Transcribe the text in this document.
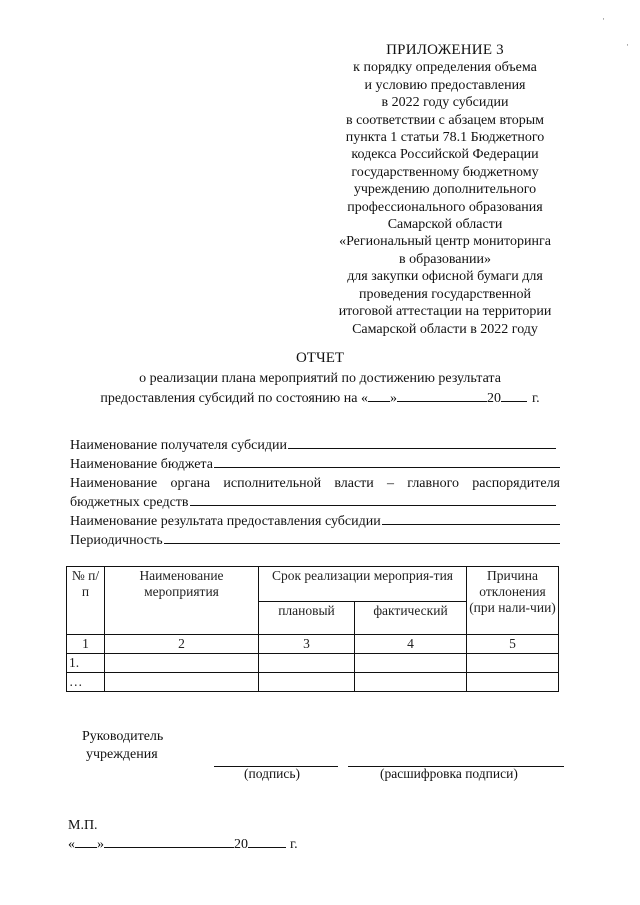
ПРИЛОЖЕНИЕ 3
к порядку определения объема
и условию предоставления
в 2022 году субсидии
в соответствии с абзацем вторым
пункта 1 статьи 78.1 Бюджетного
кодекса Российской Федерации
государственному бюджетному
учреждению дополнительного
профессионального образования
Самарской области
«Региональный центр мониторинга
в образовании»
для закупки офисной бумаги для
проведения государственной
итоговой аттестации на территории
Самарской области в 2022 году
ОТЧЕТ
о реализации плана мероприятий по достижению результата
предоставления субсидий по состоянию на « »	20 г.
Наименование получателя субсидии
Наименование бюджета
Наименование органа исполнительной власти – главного распорядителя
бюджетных средств
Наименование результата предоставления субсидии
Периодичность
№ п/п	Наименование мероприятия	Срок реализации мероприя-тия		Причина отклонения (при нали-чии)
		плановый	фактический	
1	2	3	4	5
1.				
…				
Руководитель
учреждения
(подпись)	(расшифровка подписи)
М.П.
« »	20	г.
·
·
